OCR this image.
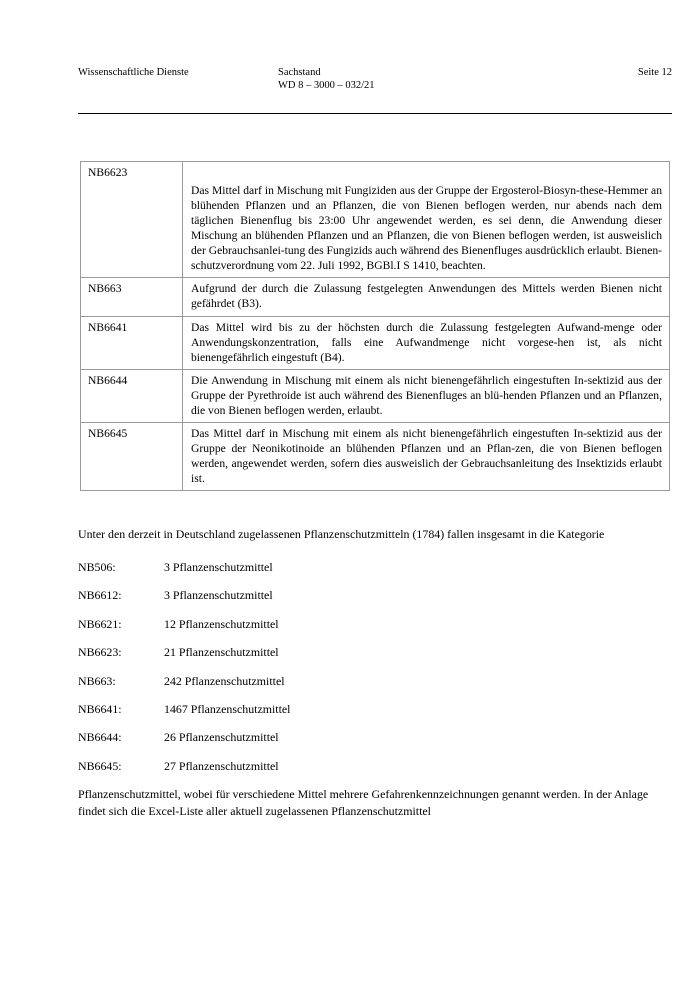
Wissenschaftliche Dienste	Sachstand
WD 8 – 3000 – 032/21
Seite 12
NB6623	Das Mittel darf in Mischung mit Fungiziden aus der Gruppe der Ergosterol-Biosyn-these-Hemmer an blühenden Pflanzen und an Pflanzen, die von Bienen beflogen werden, nur abends nach dem täglichen Bienenflug bis 23:00 Uhr angewendet werden, es sei denn, die Anwendung dieser Mischung an blühenden Pflanzen und an Pflanzen, die von Bienen beflogen werden, ist ausweislich der Gebrauchsanlei-tung des Fungizids auch während des Bienenfluges ausdrücklich erlaubt. Bienen-schutzverordnung vom 22. Juli 1992, BGBl.I S 1410, beachten.
NB663	Aufgrund der durch die Zulassung festgelegten Anwendungen des Mittels werden Bienen nicht gefährdet (B3).
NB6641	Das Mittel wird bis zu der höchsten durch die Zulassung festgelegten Aufwand-menge oder Anwendungskonzentration, falls eine Aufwandmenge nicht vorgese-hen ist, als nicht bienengefährlich eingestuft (B4).
NB6644	Die Anwendung in Mischung mit einem als nicht bienengefährlich eingestuften In-sektizid aus der Gruppe der Pyrethroide ist auch während des Bienenfluges an blü-henden Pflanzen und an Pflanzen, die von Bienen beflogen werden, erlaubt.
NB6645	Das Mittel darf in Mischung mit einem als nicht bienengefährlich eingestuften In-sektizid aus der Gruppe der Neonikotinoide an blühenden Pflanzen und an Pflan-zen, die von Bienen beflogen werden, angewendet werden, sofern dies ausweislich der Gebrauchsanleitung des Insektizids erlaubt ist.

Unter den derzeit in Deutschland zugelassenen Pflanzenschutzmitteln (1784) fallen insgesamt in die Kategorie

NB506:	3 Pflanzenschutzmittel
NB6612:	3 Pflanzenschutzmittel
NB6621:	12 Pflanzenschutzmittel
NB6623:	21 Pflanzenschutzmittel
NB663:	242 Pflanzenschutzmittel
NB6641:	1467 Pflanzenschutzmittel
NB6644:	26 Pflanzenschutzmittel
NB6645:	27 Pflanzenschutzmittel

Pflanzenschutzmittel, wobei für verschiedene Mittel mehrere Gefahrenkennzeichnungen genannt werden. In der Anlage findet sich die Excel-Liste aller aktuell zugelassenen Pflanzenschutzmittel
